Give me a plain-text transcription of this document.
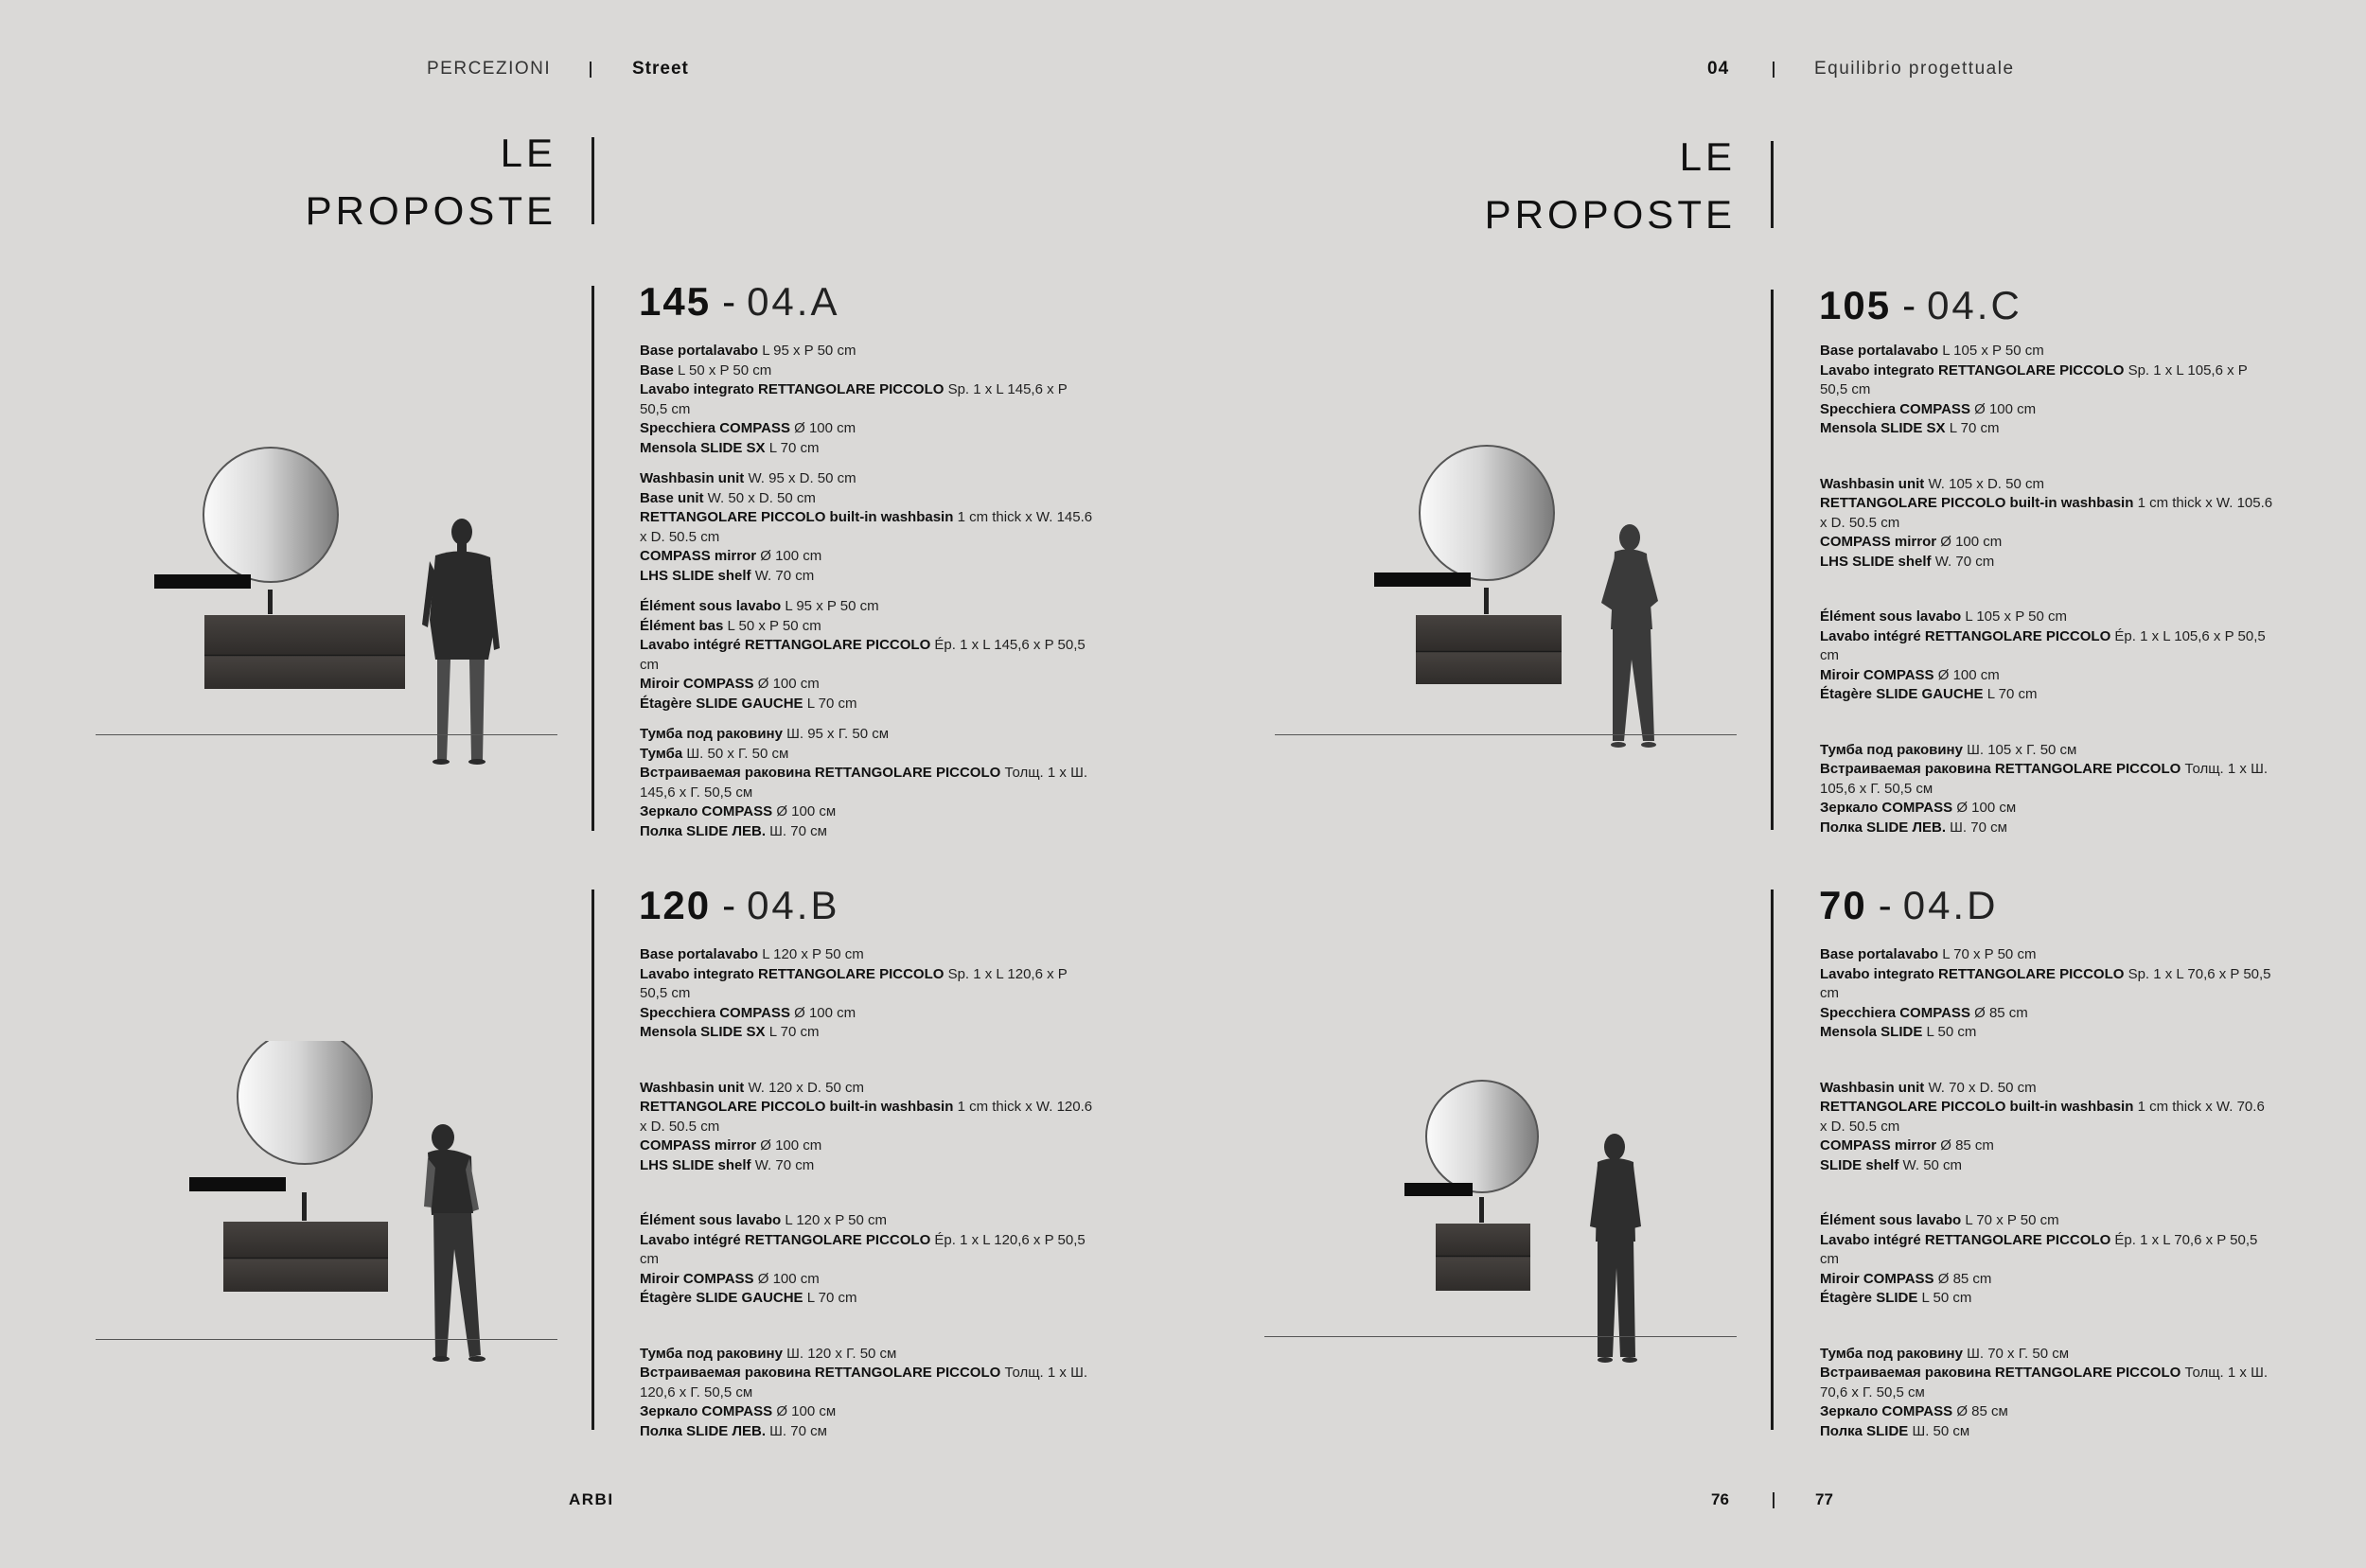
PERCEZIONI	Street	04	Equilibrio progettuale
LE
PROPOSTE
LE
PROPOSTE
145 - 04.A
Base portalavabo L 95 x P 50 cm
Base L 50 x P 50 cm
Lavabo integrato RETTANGOLARE PICCOLO Sp. 1 x L 145,6 x P 50,5 cm
Specchiera COMPASS Ø 100 cm
Mensola SLIDE SX L 70 cm
Washbasin unit W. 95 x D. 50 cm
Base unit W. 50 x D. 50 cm
RETTANGOLARE PICCOLO built-in washbasin 1 cm thick x W. 145.6 x D. 50.5 cm
COMPASS mirror Ø 100 cm
LHS SLIDE shelf W. 70 cm
Élément sous lavabo L 95 x P 50 cm
Élément bas L 50 x P 50 cm
Lavabo intégré RETTANGOLARE PICCOLO Ép. 1 x L 145,6 x P 50,5 cm
Miroir COMPASS Ø 100 cm
Étagère SLIDE GAUCHE L 70 cm
Тумба под раковину Ш. 95 x Г. 50 см
Тумба Ш. 50 x Г. 50 см
Встраиваемая раковина RETTANGOLARE PICCOLO Толщ. 1 x Ш. 145,6 x Г. 50,5 см
Зеркало COMPASS Ø 100 см
Полка SLIDE ЛЕВ. Ш. 70 см
120 - 04.B
Base portalavabo L 120 x P 50 cm
Lavabo integrato RETTANGOLARE PICCOLO Sp. 1 x L 120,6 x P 50,5 cm
Specchiera COMPASS Ø 100 cm
Mensola SLIDE SX L 70 cm
Washbasin unit W. 120 x D. 50 cm
RETTANGOLARE PICCOLO built-in washbasin 1 cm thick x W. 120.6 x D. 50.5 cm
COMPASS mirror Ø 100 cm
LHS SLIDE shelf W. 70 cm
Élément sous lavabo L 120 x P 50 cm
Lavabo intégré RETTANGOLARE PICCOLO Ép. 1 x L 120,6 x P 50,5 cm
Miroir COMPASS Ø 100 cm
Étagère SLIDE GAUCHE L 70 cm
Тумба под раковину Ш. 120 x Г. 50 см
Встраиваемая раковина RETTANGOLARE PICCOLO Толщ. 1 x Ш. 120,6 x Г. 50,5 см
Зеркало COMPASS Ø 100 см
Полка SLIDE ЛЕВ. Ш. 70 см
105 - 04.C
Base portalavabo L 105 x P 50 cm
Lavabo integrato RETTANGOLARE PICCOLO Sp. 1 x L 105,6 x P 50,5 cm
Specchiera COMPASS Ø 100 cm
Mensola SLIDE SX L 70 cm
Washbasin unit W. 105 x D. 50 cm
RETTANGOLARE PICCOLO built-in washbasin 1 cm thick x W. 105.6 x D. 50.5 cm
COMPASS mirror Ø 100 cm
LHS SLIDE shelf W. 70 cm
Élément sous lavabo L 105 x P 50 cm
Lavabo intégré RETTANGOLARE PICCOLO Ép. 1 x L 105,6 x P 50,5 cm
Miroir COMPASS Ø 100 cm
Étagère SLIDE GAUCHE L 70 cm
Тумба под раковину Ш. 105 x Г. 50 см
Встраиваемая раковина RETTANGOLARE PICCOLO Толщ. 1 x Ш. 105,6 x Г. 50,5 см
Зеркало COMPASS Ø 100 см
Полка SLIDE ЛЕВ. Ш. 70 см
70 - 04.D
Base portalavabo L 70 x P 50 cm
Lavabo integrato RETTANGOLARE PICCOLO Sp. 1 x L 70,6 x P 50,5 cm
Specchiera COMPASS Ø 85 cm
Mensola SLIDE L 50 cm
Washbasin unit W. 70 x D. 50 cm
RETTANGOLARE PICCOLO built-in washbasin 1 cm thick x W. 70.6 x D. 50.5 cm
COMPASS mirror Ø 85 cm
SLIDE shelf W. 50 cm
Élément sous lavabo L 70 x P 50 cm
Lavabo intégré RETTANGOLARE PICCOLO Ép. 1 x L 70,6 x P 50,5 cm
Miroir COMPASS Ø 85 cm
Étagère SLIDE L 50 cm
Тумба под раковину Ш. 70 x Г. 50 см
Встраиваемая раковина RETTANGOLARE PICCOLO Толщ. 1 x Ш. 70,6 x Г. 50,5 см
Зеркало COMPASS Ø 85 см
Полка SLIDE Ш. 50 см
ARBI	76	77
